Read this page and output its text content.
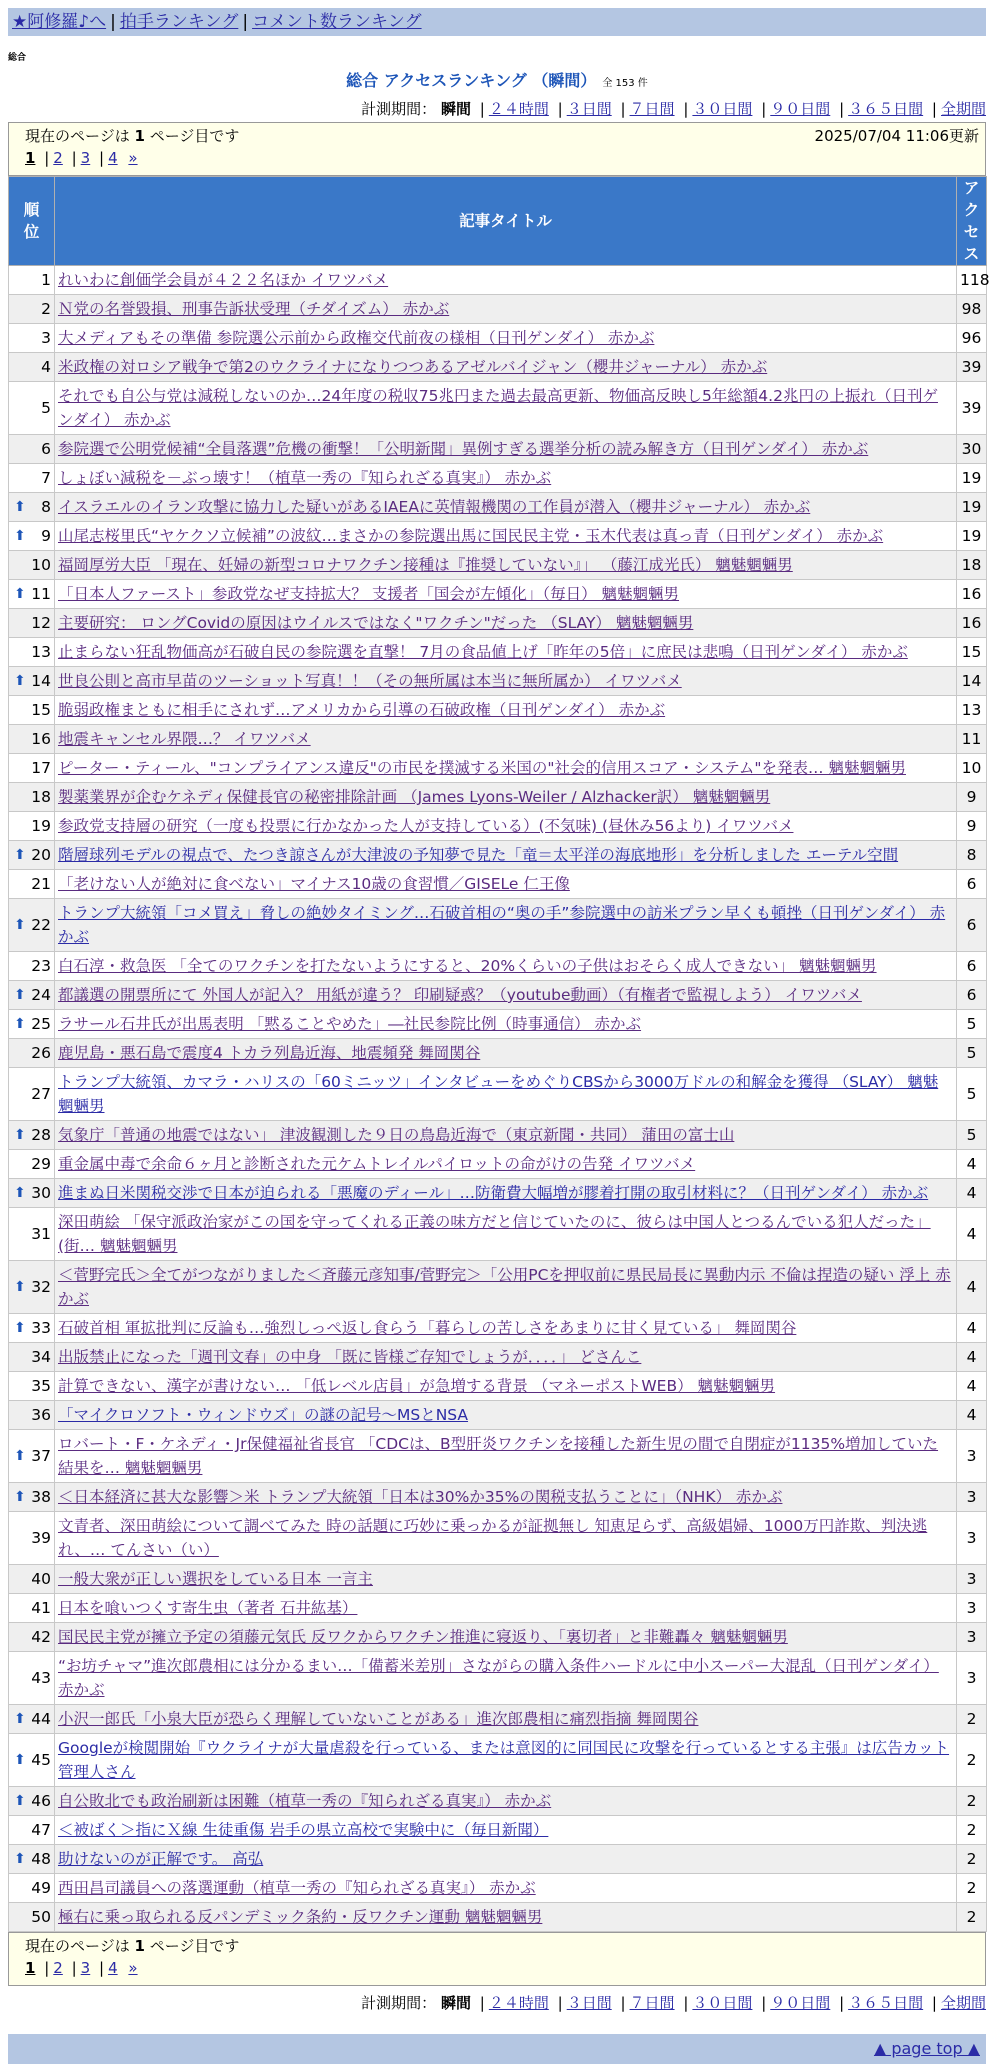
★阿修羅♪へ | 拍手ランキング | コメント数ランキング
総合
総合 アクセスランキング （瞬間） 全 153 件
計測期間： 瞬間 | ２４時間 | ３日間 | ７日間 | ３０日間 | ９０日間 | ３６５日間 | 全期間
現在のページは 1 ページ目です	2025/07/04 11:06更新
1 | 2 | 3 | 4 »
順位	記事タイトル	アクセス

1	れいわに創価学会員が４２２名ほか イワツバメ	118
2	Ｎ党の名誉毀損、刑事告訴状受理（チダイズム） 赤かぶ	98
3	大メディアもその準備 参院選公示前から政権交代前夜の様相（日刊ゲンダイ） 赤かぶ	96
4	米政権の対ロシア戦争で第2のウクライナになりつつあるアゼルバイジャン（櫻井ジャーナル） 赤かぶ	39
5	それでも自公与党は減税しないのか…24年度の税収75兆円また過去最高更新、物価高反映し5年総額4.2兆円の上振れ（日刊ゲンダイ） 赤かぶ	39
6	参院選で公明党候補“全員落選”危機の衝撃！「公明新聞」異例すぎる選挙分析の読み解き方（日刊ゲンダイ） 赤かぶ	30
7	しょぼい減税を－ぶっ壊す！（植草一秀の『知られざる真実』） 赤かぶ	19

⬆ 8	イスラエルのイラン攻撃に協力した疑いがあるIAEAに英情報機関の工作員が潜入（櫻井ジャーナル） 赤かぶ	19

⬆ 9	山尾志桜里氏“ヤケクソ立候補”の波紋…まさかの参院選出馬に国民民主党・玉木代表は真っ青（日刊ゲンダイ） 赤かぶ	19
10	福岡厚労大臣 「現在、妊婦の新型コロナワクチン接種は『推奨していない』」 （藤江成光氏） 魑魅魍魎男	18

⬆ 11	「日本人ファースト」参政党なぜ支持拡大？ 支援者「国会が左傾化」（毎日） 魑魅魍魎男	16
12	主要研究： ロングCovidの原因はウイルスではなく"ワクチン"だった （SLAY） 魑魅魍魎男	16
13	止まらない狂乱物価高が石破自民の参院選を直撃！ 7月の食品値上げ「昨年の5倍」に庶民は悲鳴（日刊ゲンダイ） 赤かぶ	15

⬆ 14	世良公則と高市早苗のツーショット写真！！（その無所属は本当に無所属か） イワツバメ	14
15	脆弱政権まともに相手にされず…アメリカから引導の石破政権（日刊ゲンダイ） 赤かぶ	13
16	地震キャンセル界隈…？ イワツバメ	11
17	ピーター・ティール、"コンプライアンス違反"の市民を撲滅する米国の"社会的信用スコア・システム"を発表… 魑魅魍魎男	10
18	製薬業界が企むケネディ保健長官の秘密排除計画 （James Lyons-Weiler / Alzhacker訳） 魑魅魍魎男	9
19	参政党支持層の研究（一度も投票に行かなかった人が支持している）(不気味) (昼休み56より) イワツバメ	9

⬆ 20	階層球列モデルの視点で、たつき諒さんが大津波の予知夢で見た「竜＝太平洋の海底地形」を分析しました エーテル空間	8
21	「老けない人が絶対に食べない」マイナス10歳の食習慣／GISELe 仁王像	6

⬆ 22	トランプ大統領「コメ買え」脅しの絶妙タイミング…石破首相の“奥の手”参院選中の訪米プラン早くも頓挫（日刊ゲンダイ） 赤かぶ	6
23	白石淳・救急医 「全てのワクチンを打たないようにすると、20%くらいの子供はおそらく成人できない」 魑魅魍魎男	6

⬆ 24	都議選の開票所にて 外国人が記入？ 用紙が違う？ 印刷疑惑？（youtube動画）（有権者で監視しよう） イワツバメ	6

⬆ 25	ラサール石井氏が出馬表明 「黙ることやめた」―社民参院比例（時事通信） 赤かぶ	5
26	鹿児島・悪石島で震度4 トカラ列島近海、地震頻発 舞岡関谷	5
27	トランプ大統領、カマラ・ハリスの「60ミニッツ」インタビューをめぐりCBSから3000万ドルの和解金を獲得 （SLAY） 魑魅魍魎男	5

⬆ 28	気象庁「普通の地震ではない」 津波観測した９日の鳥島近海で（東京新聞・共同） 蒲田の富士山	5
29	重金属中毒で余命６ヶ月と診断された元ケムトレイルパイロットの命がけの告発 イワツバメ	4

⬆ 30	進まぬ日米関税交渉で日本が迫られる「悪魔のディール」…防衛費大幅増が膠着打開の取引材料に？（日刊ゲンダイ） 赤かぶ	4
31	深田萌絵 「保守派政治家がこの国を守ってくれる正義の味方だと信じていたのに、彼らは中国人とつるんでいる犯人だった」(街… 魑魅魍魎男	4

⬆ 32	＜菅野完氏＞全てがつながりました＜斉藤元彦知事/菅野完＞「公用PCを押収前に県民局長に異動内示 不倫は捏造の疑い 浮上 赤かぶ	4

⬆ 33	石破首相 軍拡批判に反論も…強烈しっぺ返し食らう「暮らしの苦しさをあまりに甘く見ている」 舞岡関谷	4
34	出版禁止になった「週刊文春」の中身 「既に皆様ご存知でしょうが．．．．」 どさんこ	4
35	計算できない、漢字が書けない… 「低レベル店員」が急増する背景 （マネーポストWEB） 魑魅魍魎男	4
36	「マイクロソフト・ウィンドウズ」の謎の記号〜MSとNSA	4

⬆ 37	ロバート・F・ケネディ・Jr保健福祉省長官 「CDCは、B型肝炎ワクチンを接種した新生児の間で自閉症が1135%増加していた結果を… 魑魅魍魎男	3

⬆ 38	＜日本経済に甚大な影響＞米 トランプ大統領「日本は30%か35%の関税支払うことに」（NHK） 赤かぶ	3
39	文青者、深田萌絵について調べてみた 時の話題に巧妙に乗っかるが証拠無し 知恵足らず、高級娼婦、1000万円詐欺、判決逃れ、… てんさい（い）	3
40	一般大衆が正しい選択をしている日本 一言主	3
41	日本を喰いつくす寄生虫（著者 石井紘基）	3
42	国民民主党が擁立予定の須藤元気氏 反ワクからワクチン推進に寝返り、「裏切者」と非難轟々 魑魅魍魎男	3
43	“お坊チャマ”進次郎農相には分かるまい…「備蓄米差別」さながらの購入条件ハードルに中小スーパー大混乱（日刊ゲンダイ） 赤かぶ	3

⬆ 44	小沢一郎氏「小泉大臣が恐らく理解していないことがある」進次郎農相に痛烈指摘 舞岡関谷	2

⬆ 45	Googleが検閲開始『ウクライナが大量虐殺を行っている、または意図的に同国民に攻撃を行っているとする主張』は広告カット 管理人さん	2

⬆ 46	自公敗北でも政治刷新は困難（植草一秀の『知られざる真実』） 赤かぶ	2
47	＜被ばく＞指にＸ線 生徒重傷 岩手の県立高校で実験中に（毎日新聞）	2

⬆ 48	助けないのが正解です。 高弘	2
49	西田昌司議員への落選運動（植草一秀の『知られざる真実』） 赤かぶ	2
50	極右に乗っ取られる反パンデミック条約・反ワクチン運動 魑魅魍魎男	2
現在のページは 1 ページ目です
1 | 2 | 3 | 4 »
計測期間： 瞬間 | ２４時間 | ３日間 | ７日間 | ３０日間 | ９０日間 | ３６５日間 | 全期間
▲ page top ▲
